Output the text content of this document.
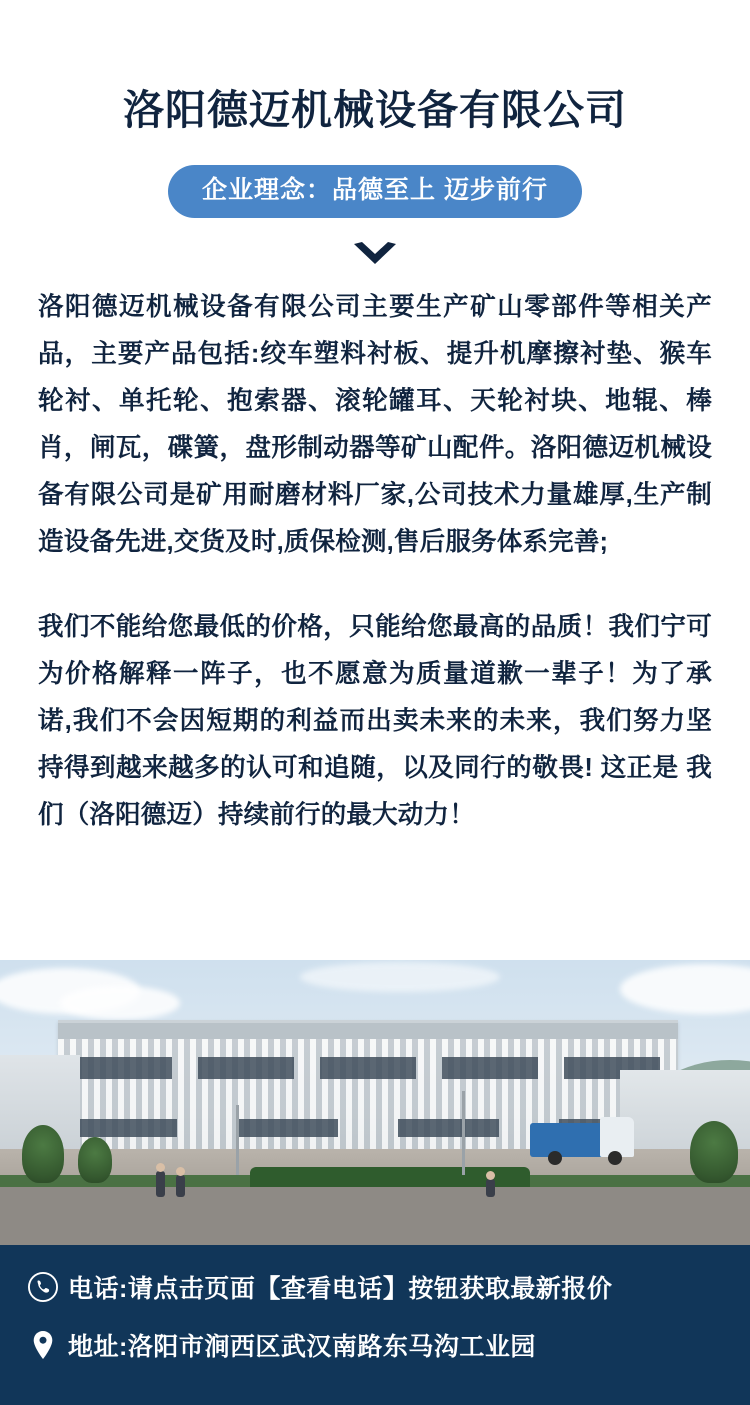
洛阳德迈机械设备有限公司
企业理念：品德至上 迈步前行
洛阳德迈机械设备有限公司主要生产矿山零部件等相关产品，主要产品包括:绞车塑料衬板、提升机摩擦衬垫、猴车轮衬、单托轮、抱索器、滚轮罐耳、天轮衬块、地辊、棒肖，闸瓦，碟簧，盘形制动器等矿山配件。洛阳德迈机械设备有限公司是矿用耐磨材料厂家,公司技术力量雄厚,生产制造设备先进,交货及时,质保检测,售后服务体系完善;
我们不能给您最低的价格，只能给您最高的品质！我们宁可为价格解释一阵子，也不愿意为质量道歉一辈子！为了承诺,我们不会因短期的利益而出卖未来的未来，我们努力坚持得到越来越多的认可和追随，以及同行的敬畏! 这正是 我们（洛阳德迈）持续前行的最大动力！
电话:请点击页面【查看电话】按钮获取最新报价
地址:洛阳市涧西区武汉南路东马沟工业园
